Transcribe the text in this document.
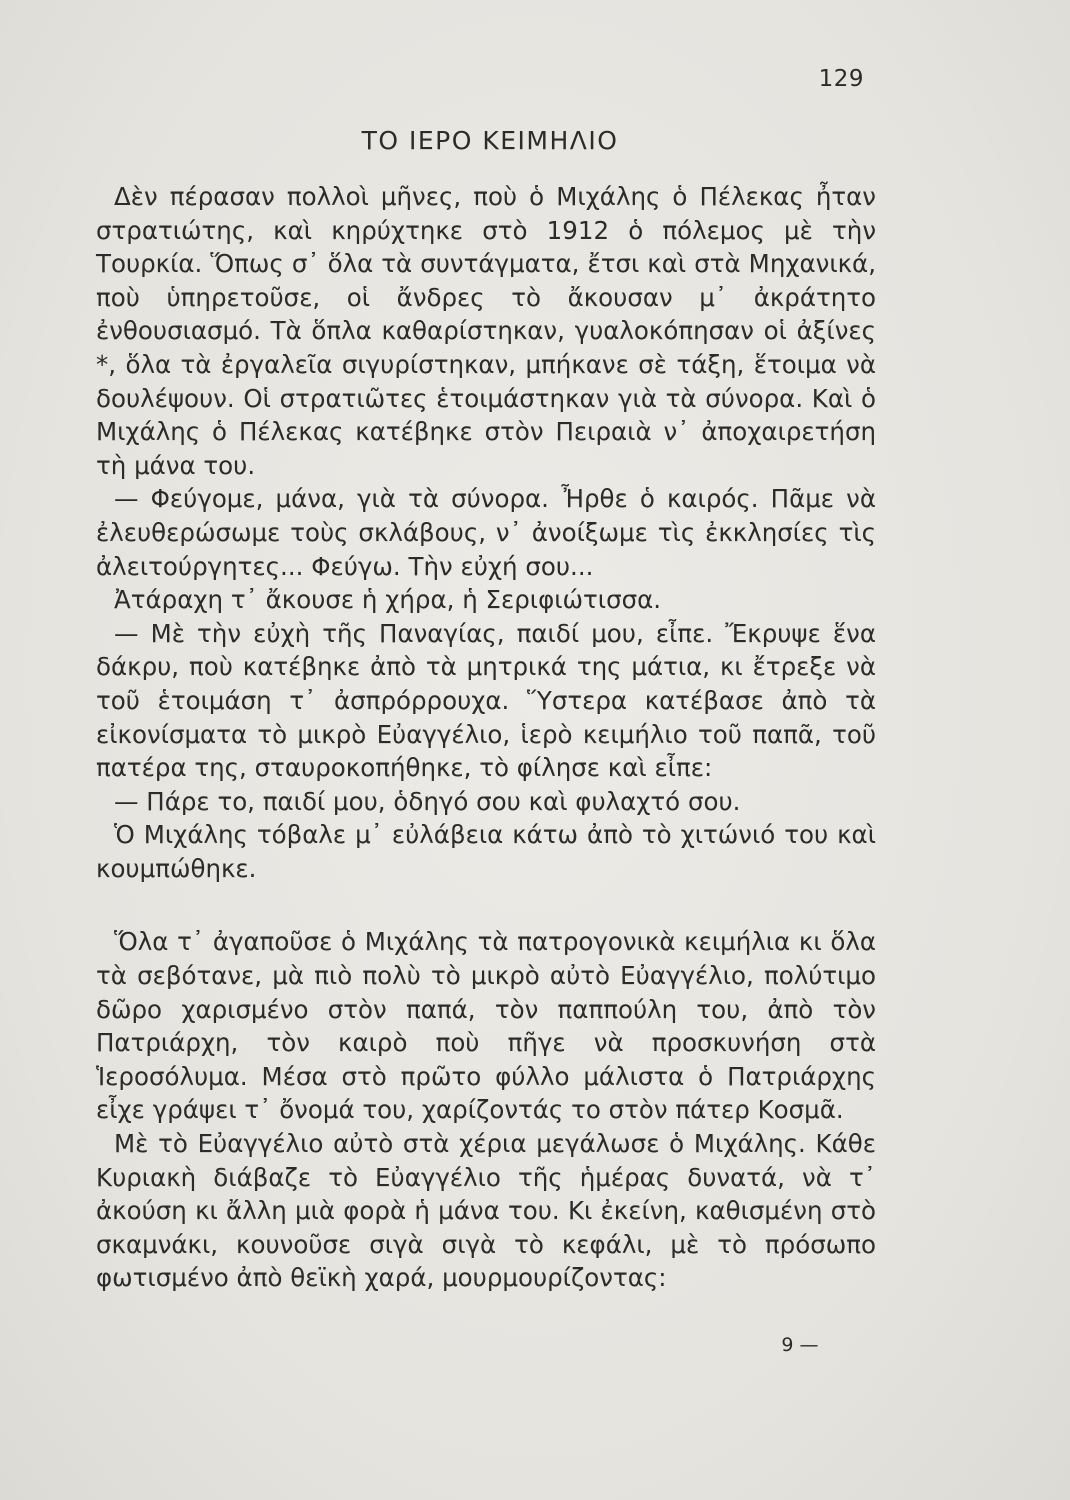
129
ΤΟ ΙΕΡΟ ΚΕΙΜΗΛΙΟ

Δὲν πέρασαν πολλοὶ μῆνες, ποὺ ὁ Μιχάλης ὁ Πέλεκας ἦταν στρατιώτης, καὶ κηρύχτηκε στὸ 1912 ὁ πόλεμος μὲ τὴν Τουρκία. Ὅπως σ᾽ ὅλα τὰ συντάγματα, ἔτσι καὶ στὰ Μηχανικά, ποὺ ὑπηρετοῦσε, οἱ ἄνδρες τὸ ἄκουσαν μ᾽ ἀκράτητο ἐνθουσιασμό. Τὰ ὅπλα καθαρίστηκαν, γυαλοκόπησαν οἱ ἀξίνες *, ὅλα τὰ ἐργαλεῖα σιγυρίστηκαν, μπήκανε σὲ τάξη, ἕτοιμα νὰ δουλέψουν. Οἱ στρατιῶτες ἑτοιμάστηκαν γιὰ τὰ σύνορα. Καὶ ὁ Μιχάλης ὁ Πέλεκας κατέβηκε στὸν Πειραιὰ ν᾽ ἀποχαιρετήση τὴ μάνα του.

— Φεύγομε, μάνα, γιὰ τὰ σύνορα. Ἦρθε ὁ καιρός. Πᾶμε νὰ ἐλευθερώσωμε τοὺς σκλάβους, ν᾽ ἀνοίξωμε τὶς ἐκκλησίες τὶς ἀλειτούργητες... Φεύγω. Τὴν εὐχή σου...

Ἀτάραχη τ᾽ ἄκουσε ἡ χήρα, ἡ Σεριφιώτισσα.

— Μὲ τὴν εὐχὴ τῆς Παναγίας, παιδί μου, εἶπε. Ἔκρυψε ἕνα δάκρυ, ποὺ κατέβηκε ἀπὸ τὰ μητρικά της μάτια, κι ἔτρεξε νὰ τοῦ ἑτοιμάση τ᾽ ἀσπρόρρουχα. Ὕστερα κατέβασε ἀπὸ τὰ εἰκονίσματα τὸ μικρὸ Εὐαγγέλιο, ἱερὸ κειμήλιο τοῦ παπᾶ, τοῦ πατέρα της, σταυροκοπήθηκε, τὸ φίλησε καὶ εἶπε:

— Πάρε το, παιδί μου, ὁδηγό σου καὶ φυλαχτό σου.

Ὁ Μιχάλης τόβαλε μ᾽ εὐλάβεια κάτω ἀπὸ τὸ χιτώνιό του καὶ κουμπώθηκε.

Ὅλα τ᾽ ἀγαποῦσε ὁ Μιχάλης τὰ πατρογονικὰ κειμήλια κι ὅλα τὰ σεβότανε, μὰ πιὸ πολὺ τὸ μικρὸ αὐτὸ Εὐαγγέλιο, πολύτιμο δῶρο χαρισμένο στὸν παπά, τὸν παππούλη του, ἀπὸ τὸν Πατριάρχη, τὸν καιρὸ ποὺ πῆγε νὰ προσκυνήση στὰ Ἱεροσόλυμα. Μέσα στὸ πρῶτο φύλλο μάλιστα ὁ Πατριάρχης εἶχε γράψει τ᾽ ὄνομά του, χαρίζοντάς το στὸν πάτερ Κοσμᾶ.

Μὲ τὸ Εὐαγγέλιο αὐτὸ στὰ χέρια μεγάλωσε ὁ Μιχάλης. Κάθε Κυριακὴ διάβαζε τὸ Εὐαγγέλιο τῆς ἡμέρας δυνατά, νὰ τ᾽ ἀκούση κι ἄλλη μιὰ φορὰ ἡ μάνα του. Κι ἐκείνη, καθισμένη στὸ σκαμνάκι, κουνοῦσε σιγὰ σιγὰ τὸ κεφάλι, μὲ τὸ πρόσωπο φωτισμένο ἀπὸ θεϊκὴ χαρά, μουρμουρίζοντας:

9 —
